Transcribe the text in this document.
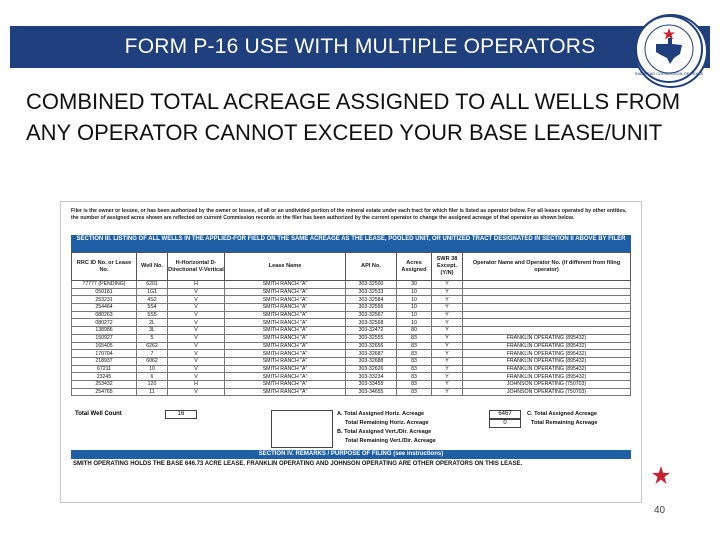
FORM P-16 USE WITH MULTIPLE OPERATORS
RAILROAD COMMISSION OF TEXAS
COMBINED TOTAL ACREAGE ASSIGNED TO ALL WELLS FROM ANY OPERATOR CANNOT EXCEED YOUR BASE LEASE/UNIT
Filer is the owner or lessee, or has been authorized by the owner or lessee, of all or an undivided portion of the mineral estate under each tract for which filer is listed as operator below. For all leases operated by other entities, the number of assigned acres shown are reflected on current Commission records or the filer has been authorized by the current operator to change the assigned acreage of that operator as shown below.
SECTION III. LISTING OF ALL WELLS IN THE APPLIED-FOR FIELD ON THE SAME ACREAGE AS THE LEASE, POOLED UNIT, OR UNITIZED TRACT DESIGNATED IN SECTION II ABOVE BY FILER
RRC ID No. or Lease No.	Well No.	H-Horizontal D-Directional V-Vertical	Lease Name	API No.	Acres Assigned	SWR 38 Except. (Y/N)	Operator Name and Operator No. (if different from filing operator)
77777 (PENDING)	6201	H	SMITH RANCH "A"	303-32500	30	Y	
050181	1G1	V	SMITH RANCH "A"	303-32533	10	Y	
253231	4S2	V	SMITH RANCH "A"	303-32584	10	Y	
254464	5S4	V	SMITH RANCH "A"	303-32556	10	Y	
080263	5S5	V	SMITH RANCH "A"	303-32567	10	Y	
080272	2L	V	SMITH RANCH "A"	303-32568	10	Y	
138986	3L	V	SMITH RANCH "A"	303-32472	80	Y	
150927	5	V	SMITH RANCH "A"	303-32555	83	Y	FRANKLIN OPERATING (895432)
165405	6262	V	SMITH RANCH "A"	303-32656	83	Y	FRANKLIN OPERATING (895432)
170704	7	V	SMITH RANCH "A"	303-32687	83	Y	FRANKLIN OPERATING (895432)
218937	6062	V	SMITH RANCH "A"	303-32688	83	Y	FRANKLIN OPERATING (895432)
67211	10	V	SMITH RANCH "A"	303-32626	83	Y	FRANKLIN OPERATING (895432)
23245	6	V	SMITH RANCH "A"	303-33234	83	Y	FRANKLIN OPERATING (895432)
253432	120	H	SMITH RANCH "A"	303-33455	83	Y	JOHNSON OPERATING (750703)
254765	11	V	SMITH RANCH "A"	303-34655	83	Y	JOHNSON OPERATING (750703)
Total Well Count	16	A. Total Assigned Horiz. Acreage	6467
Total Remaining Horiz. Acreage	0
B. Total Assigned Vert./Dir. Acreage
Total Remaining Vert./Dir. Acreage
C. Total Assigned Acreage
Total Remaining Acreage
SECTION IV. REMARKS / PURPOSE OF FILING (see instructions)
SMITH OPERATING HOLDS THE BASE 646.73 ACRE LEASE. FRANKLIN OPERATING AND JOHNSON OPERATING ARE OTHER OPERATORS ON THIS LEASE.
40
